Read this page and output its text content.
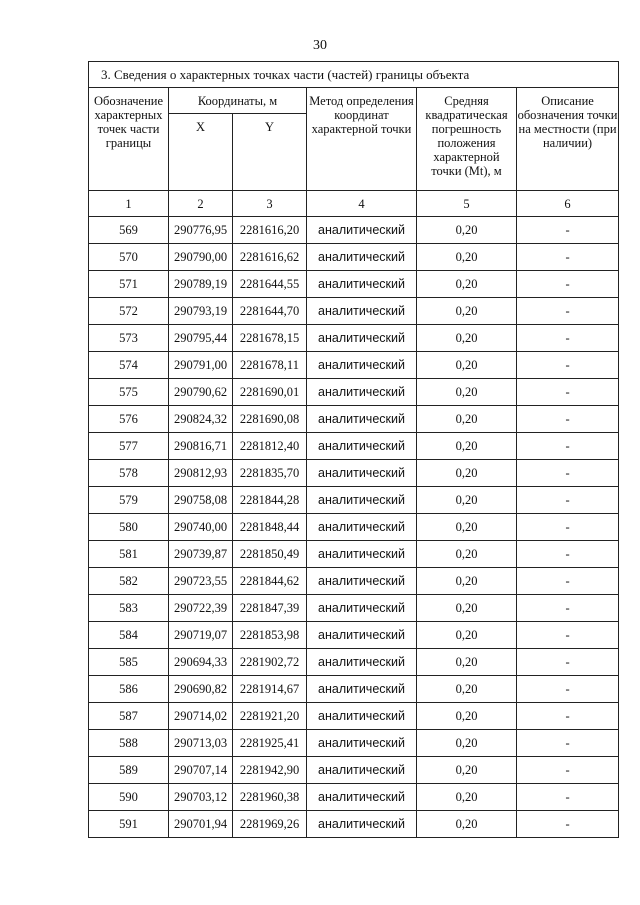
30
3. Сведения о характерных точках части (частей) границы объекта					
Обозначение характерных точек части границы	Координаты, м		Метод определения координат характерной точки	Средняя квадратическая погрешность положения характерной точки (Mt), м	Описание обозначения точки на местности (при наличии)
	X	Y			
1	2	3	4	5	6
569	290776,95	2281616,20	аналитический	0,20	-
570	290790,00	2281616,62	аналитический	0,20	-
571	290789,19	2281644,55	аналитический	0,20	-
572	290793,19	2281644,70	аналитический	0,20	-
573	290795,44	2281678,15	аналитический	0,20	-
574	290791,00	2281678,11	аналитический	0,20	-
575	290790,62	2281690,01	аналитический	0,20	-
576	290824,32	2281690,08	аналитический	0,20	-
577	290816,71	2281812,40	аналитический	0,20	-
578	290812,93	2281835,70	аналитический	0,20	-
579	290758,08	2281844,28	аналитический	0,20	-
580	290740,00	2281848,44	аналитический	0,20	-
581	290739,87	2281850,49	аналитический	0,20	-
582	290723,55	2281844,62	аналитический	0,20	-
583	290722,39	2281847,39	аналитический	0,20	-
584	290719,07	2281853,98	аналитический	0,20	-
585	290694,33	2281902,72	аналитический	0,20	-
586	290690,82	2281914,67	аналитический	0,20	-
587	290714,02	2281921,20	аналитический	0,20	-
588	290713,03	2281925,41	аналитический	0,20	-
589	290707,14	2281942,90	аналитический	0,20	-
590	290703,12	2281960,38	аналитический	0,20	-
591	290701,94	2281969,26	аналитический	0,20	-
